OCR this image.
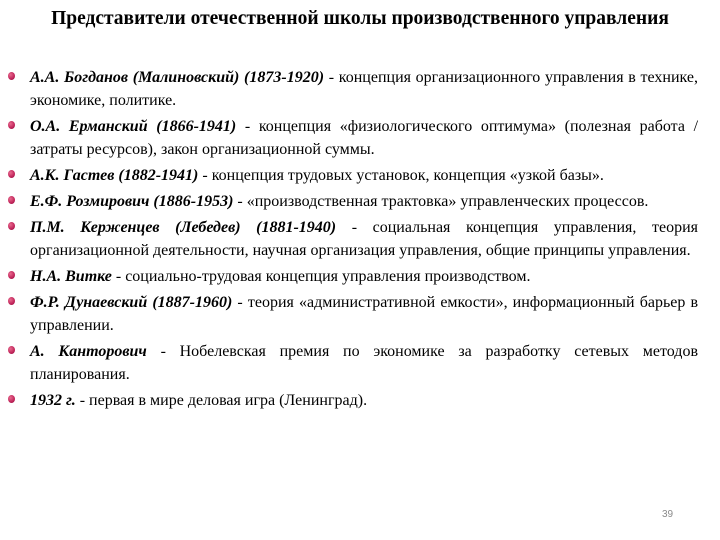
Представители отечественной школы производственного управления
А.А. Богданов (Малиновский) (1873-1920) - концепция организационного управления в технике, экономике, политике.
О.А. Ерманский (1866-1941) - концепция «физиологического оптимума» (полезная работа / затраты ресурсов), закон организационной суммы.
А.К. Гастев (1882-1941) - концепция трудовых установок, концепция «узкой базы».
Е.Ф. Розмирович (1886-1953) - «производственная трактовка» управленческих процессов.
П.М. Керженцев (Лебедев) (1881-1940) - социальная концепция управления, теория организационной деятельности, научная организация управления, общие принципы управления.
Н.А. Витке - социально-трудовая концепция управления производством.
Ф.Р. Дунаевский (1887-1960) - теория «административной емкости», информационный барьер в управлении.
А. Канторович - Нобелевская премия по экономике за разработку сетевых методов планирования.
1932 г. - первая в мире деловая игра (Ленинград).
39
